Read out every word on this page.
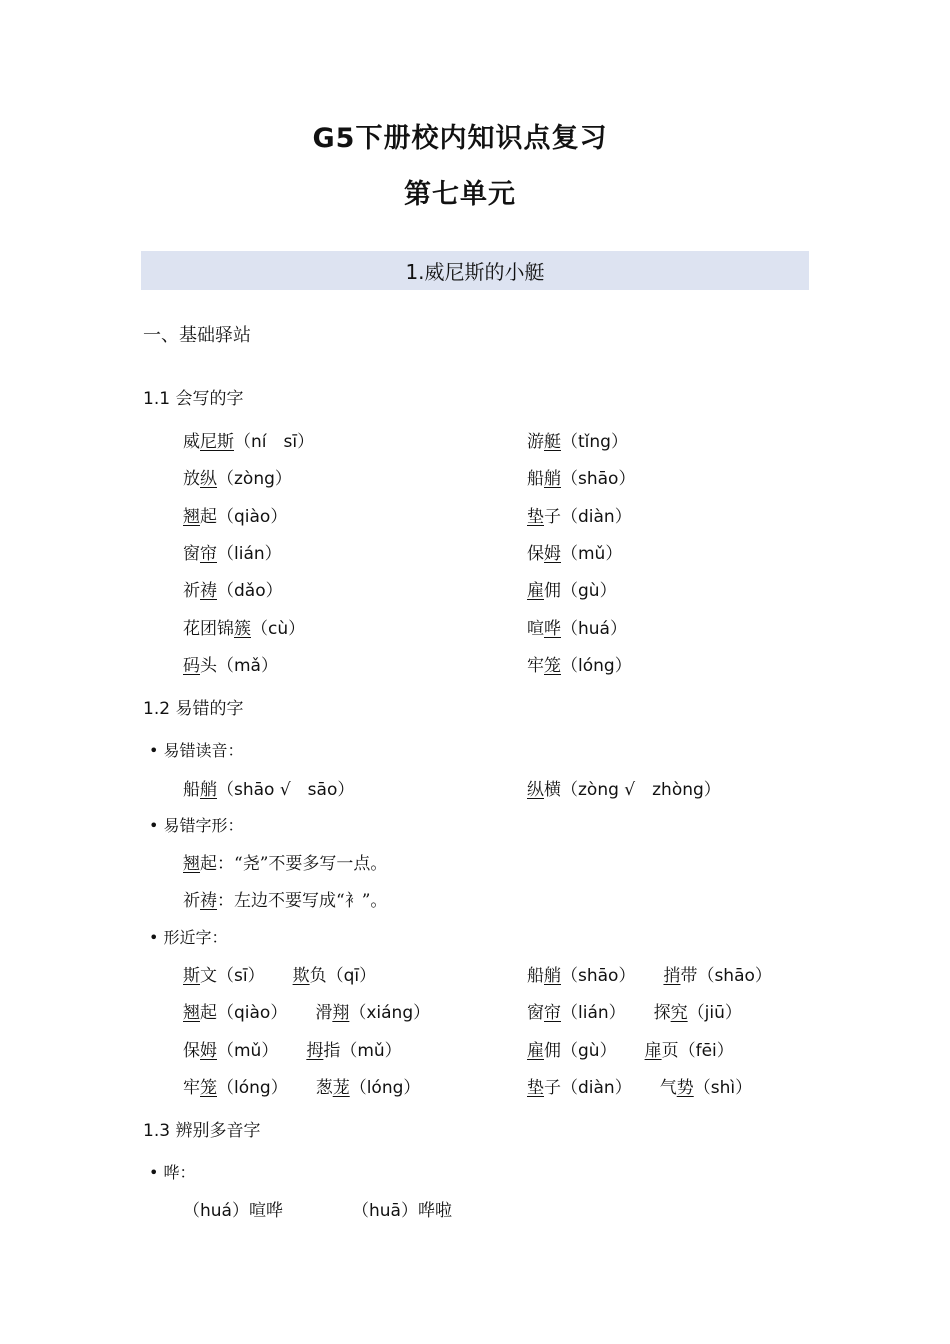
G5下册校内知识点复习
第七单元
1.威尼斯的小艇
一、基础驿站
1.1 会写的字
威尼斯（ní　sī）	游艇（tǐng）
放纵（zòng）	船艄（shāo）
翘起（qiào）	垫子（diàn）
窗帘（lián）	保姆（mǔ）
祈祷（dǎo）	雇佣（gù）
花团锦簇（cù）	喧哗（huá）
码头（mǎ）	牢笼（lóng）
1.2 易错的字
• 易错读音：
船艄（shāo √　sāo）	纵横（zòng √　zhòng）
• 易错字形：
翘起：“尧”不要多写一点。
祈祷：左边不要写成“衤”。
• 形近字：
斯文（sī） 欺负（qī）	船艄（shāo） 捎带（shāo）
翘起（qiào） 滑翔（xiáng）	窗帘（lián） 探究（jiū）
保姆（mǔ） 拇指（mǔ）	雇佣（gù） 扉页（fēi）
牢笼（lóng） 葱茏（lóng）	垫子（diàn） 气势（shì）
1.3 辨别多音字
• 哗：
（huá）喧哗	（huā）哗啦
